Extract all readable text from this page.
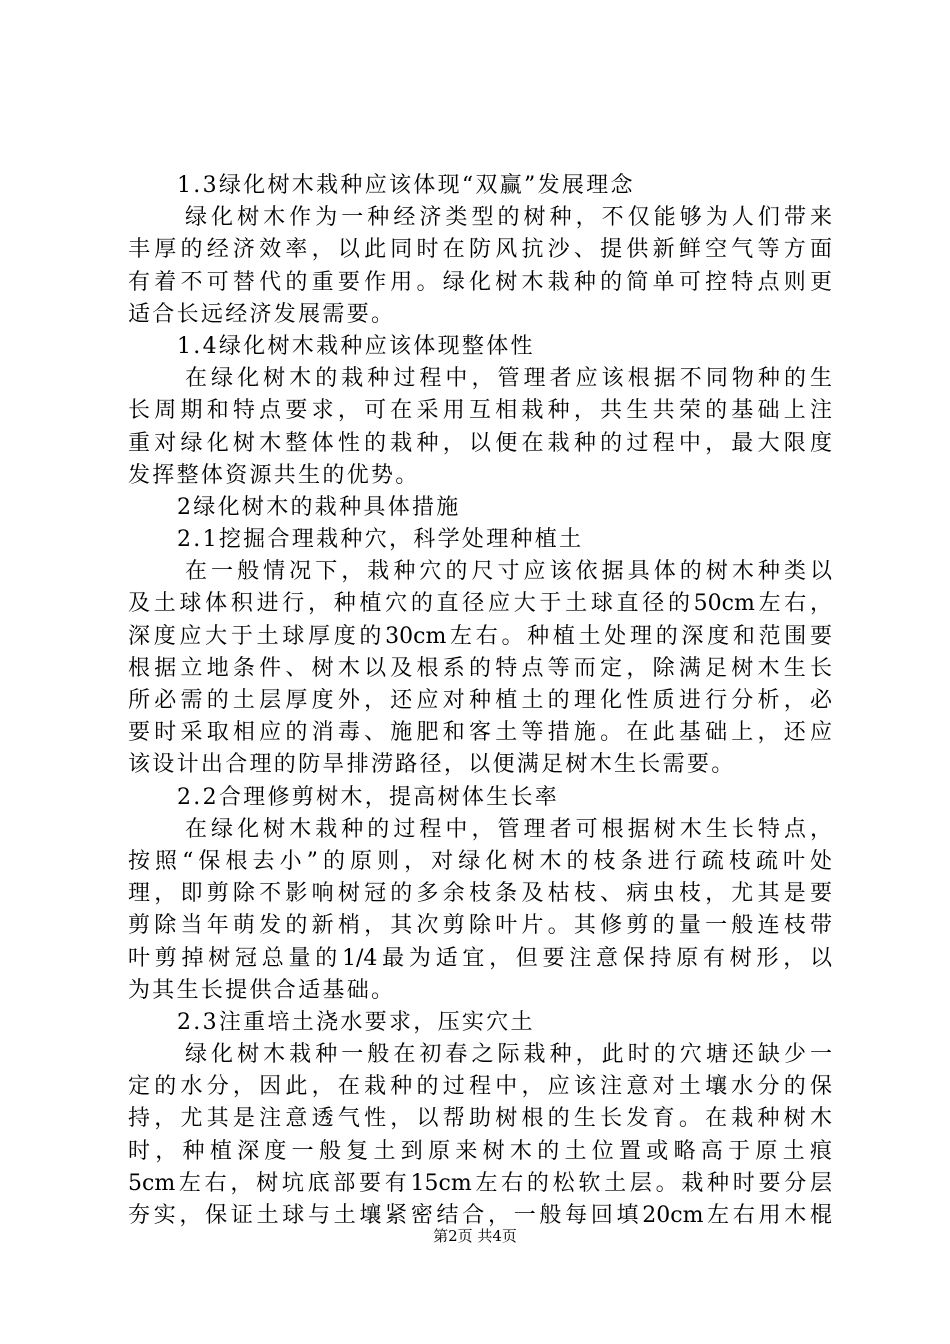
1.3绿化树木栽种应该体现“双赢”发展理念
绿化树木作为一种经济类型的树种，不仅能够为人们带来
丰厚的经济效率，以此同时在防风抗沙、提供新鲜空气等方面
有着不可替代的重要作用。绿化树木栽种的简单可控特点则更
适合长远经济发展需要。
1.4绿化树木栽种应该体现整体性
在绿化树木的栽种过程中，管理者应该根据不同物种的生
长周期和特点要求，可在采用互相栽种，共生共荣的基础上注
重对绿化树木整体性的栽种，以便在栽种的过程中，最大限度
发挥整体资源共生的优势。
2绿化树木的栽种具体措施
2.1挖掘合理栽种穴，科学处理种植土
在一般情况下，栽种穴的尺寸应该依据具体的树木种类以
及土球体积进行，种植穴的直径应大于土球直径的50cm左右，
深度应大于土球厚度的30cm左右。种植土处理的深度和范围要
根据立地条件、树木以及根系的特点等而定，除满足树木生长
所必需的土层厚度外，还应对种植土的理化性质进行分析，必
要时采取相应的消毒、施肥和客土等措施。在此基础上，还应
该设计出合理的防旱排涝路径，以便满足树木生长需要。
2.2合理修剪树木，提高树体生长率
在绿化树木栽种的过程中，管理者可根据树木生长特点，
按照“保根去小”的原则，对绿化树木的枝条进行疏枝疏叶处
理，即剪除不影响树冠的多余枝条及枯枝、病虫枝，尤其是要
剪除当年萌发的新梢，其次剪除叶片。其修剪的量一般连枝带
叶剪掉树冠总量的1/4最为适宜，但要注意保持原有树形，以
为其生长提供合适基础。
2.3注重培土浇水要求，压实穴土
绿化树木栽种一般在初春之际栽种，此时的穴塘还缺少一
定的水分，因此，在栽种的过程中，应该注意对土壤水分的保
持，尤其是注意透气性，以帮助树根的生长发育。在栽种树木
时，种植深度一般复土到原来树木的土位置或略高于原土痕
5cm左右，树坑底部要有15cm左右的松软土层。栽种时要分层
夯实，保证土球与土壤紧密结合，一般每回填20cm左右用木棍
第2页 共4页
